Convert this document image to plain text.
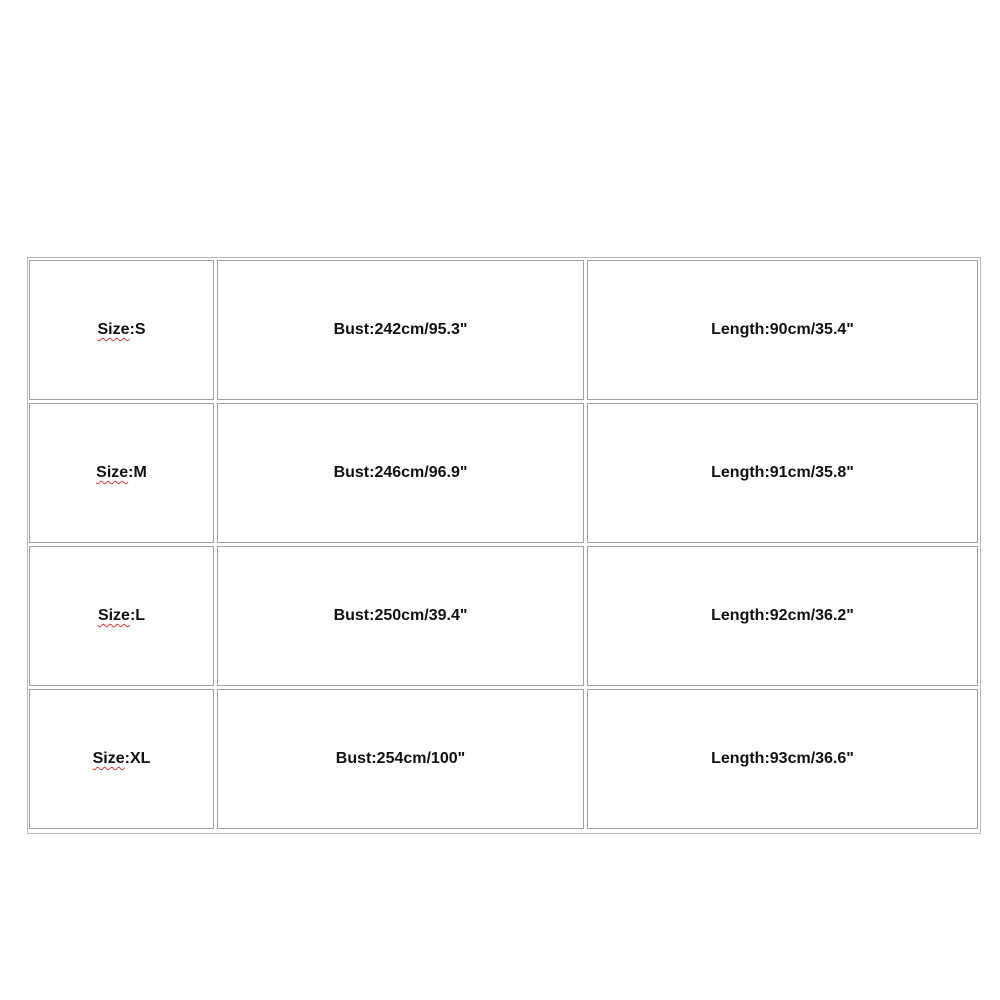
Size:S	Bust:242cm/95.3"	Length:90cm/35.4"
Size:M	Bust:246cm/96.9"	Length:91cm/35.8"
Size:L	Bust:250cm/39.4"	Length:92cm/36.2"
Size:XL	Bust:254cm/100"	Length:93cm/36.6"
